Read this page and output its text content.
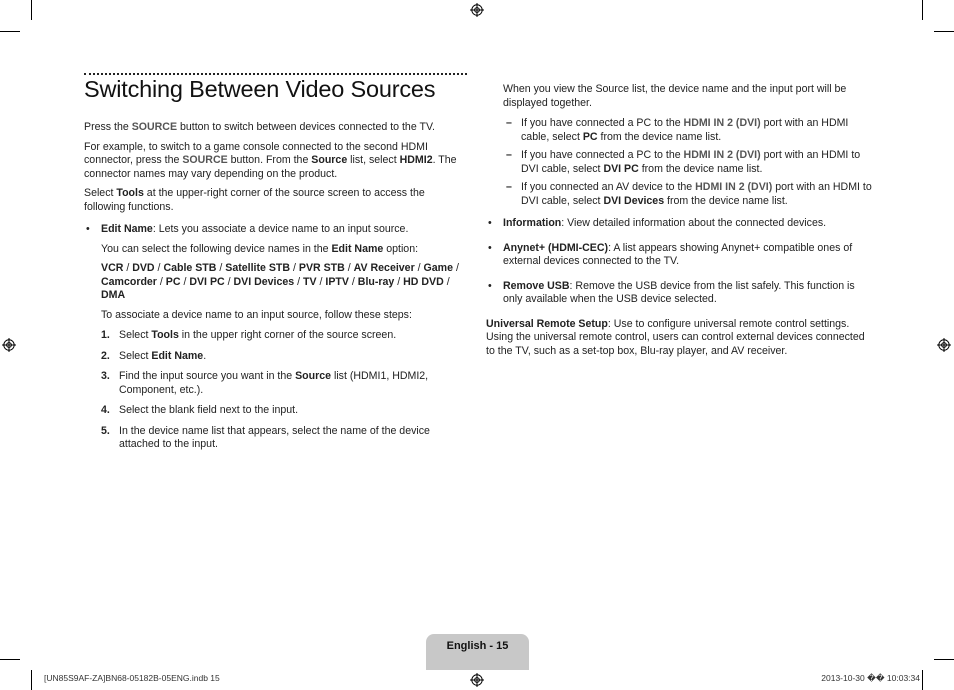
Switching Between Video Sources

Press the SOURCE button to switch between devices connected to the TV.

For example, to switch to a game console connected to the second HDMI connector, press the SOURCE button. From the Source list, select HDMI2. The connector names may vary depending on the product.

Select Tools at the upper-right corner of the source screen to access the following functions.

• Edit Name: Lets you associate a device name to an input source.

You can select the following device names in the Edit Name option:

VCR / DVD / Cable STB / Satellite STB / PVR STB / AV Receiver / Game / Camcorder / PC / DVI PC / DVI Devices / TV / IPTV / Blu-ray / HD DVD / DMA

To associate a device name to an input source, follow these steps:

1. Select Tools in the upper right corner of the source screen.

2. Select Edit Name.

3. Find the input source you want in the Source list (HDMI1, HDMI2, Component, etc.).

4. Select the blank field next to the input.

5. In the device name list that appears, select the name of the device attached to the input.

When you view the Source list, the device name and the input port will be displayed together.

– If you have connected a PC to the HDMI IN 2 (DVI) port with an HDMI cable, select PC from the device name list.

– If you have connected a PC to the HDMI IN 2 (DVI) port with an HDMI to DVI cable, select DVI PC from the device name list.

– If you connected an AV device to the HDMI IN 2 (DVI) port with an HDMI to DVI cable, select DVI Devices from the device name list.

• Information: View detailed information about the connected devices.

• Anynet+ (HDMI-CEC): A list appears showing Anynet+ compatible ones of external devices connected to the TV.

• Remove USB: Remove the USB device from the list safely. This function is only available when the USB device selected.

Universal Remote Setup: Use to configure universal remote control settings. Using the universal remote control, users can control external devices connected to the TV, such as a set-top box, Blu-ray player, and AV receiver.

English - 15
[UN85S9AF-ZA]BN68-05182B-05ENG.indb 15	2013-10-30 �� 10:03:34
